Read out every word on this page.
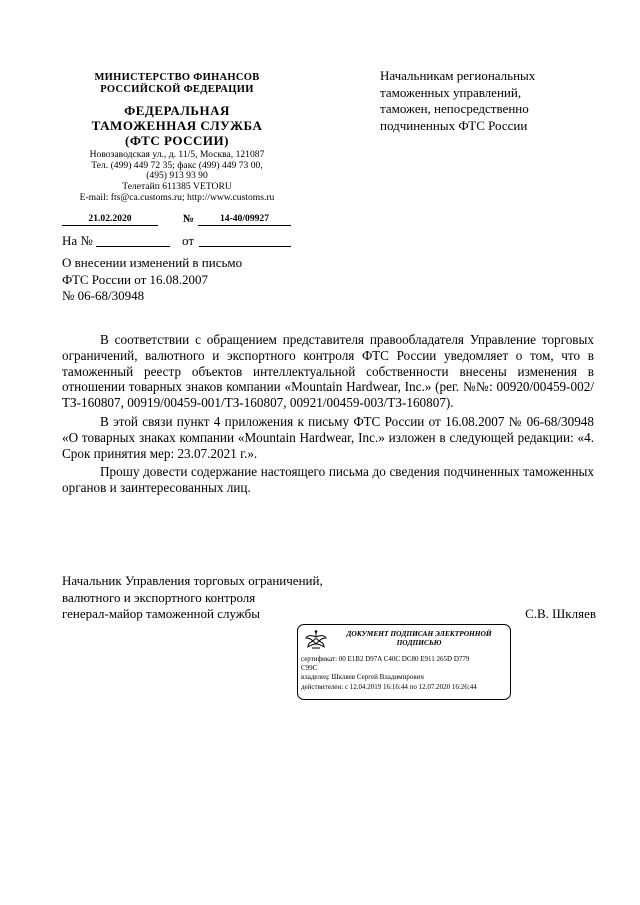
МИНИСТЕРСТВО ФИНАНСОВ
РОССИЙСКОЙ ФЕДЕРАЦИИ
ФЕДЕРАЛЬНАЯ
ТАМОЖЕННАЯ СЛУЖБА
(ФТС РОССИИ)
Новозаводская ул., д. 11/5, Москва, 121087
Тел. (499) 449 72 35; факс (499) 449 73 00,
(495) 913 93 90
Телетайп 611385 VETORU
E-mail: fts@ca.customs.ru; http://www.customs.ru
21.02.2020	№	14-40/09927
На №	от
Начальникам региональных
таможенных управлений,
таможен, непосредственно
подчиненных ФТС России
О внесении изменений в письмо
ФТС России от 16.08.2007
№ 06-68/30948

В соответствии с обращением представителя правообладателя Управление торговых ограничений, валютного и экспортного контроля ФТС России уведомляет о том, что в таможенный реестр объектов интеллектуальной собственности внесены изменения в отношении товарных знаков компании «Mountain Hardwear, Inc.» (рег. №№: 00920/00459-002/ТЗ-160807, 00919/00459-001/ТЗ-160807, 00921/00459-003/ТЗ-160807).

В этой связи пункт 4 приложения к письму ФТС России от 16.08.2007 № 06-68/30948 «О товарных знаках компании «Mountain Hardwear, Inc.» изложен в следующей редакции: «4. Срок принятия мер: 23.07.2021 г.».

Прошу довести содержание настоящего письма до сведения подчиненных таможенных органов и заинтересованных лиц.

Начальник Управления торговых ограничений,
валютного и экспортного контроля
генерал-майор таможенной службы	С.В. Шкляев
ДОКУМЕНТ ПОДПИСАН ЭЛЕКТРОННОЙ ПОДПИСЬЮ
сертификат: 00 E1B2 D97A C40C DC80 E911 265D D779
C99C
владелец: Шкляев Сергей Владимирович
действителен: с 12.04.2019 16:16:44 по 12.07.2020 16:26:44
